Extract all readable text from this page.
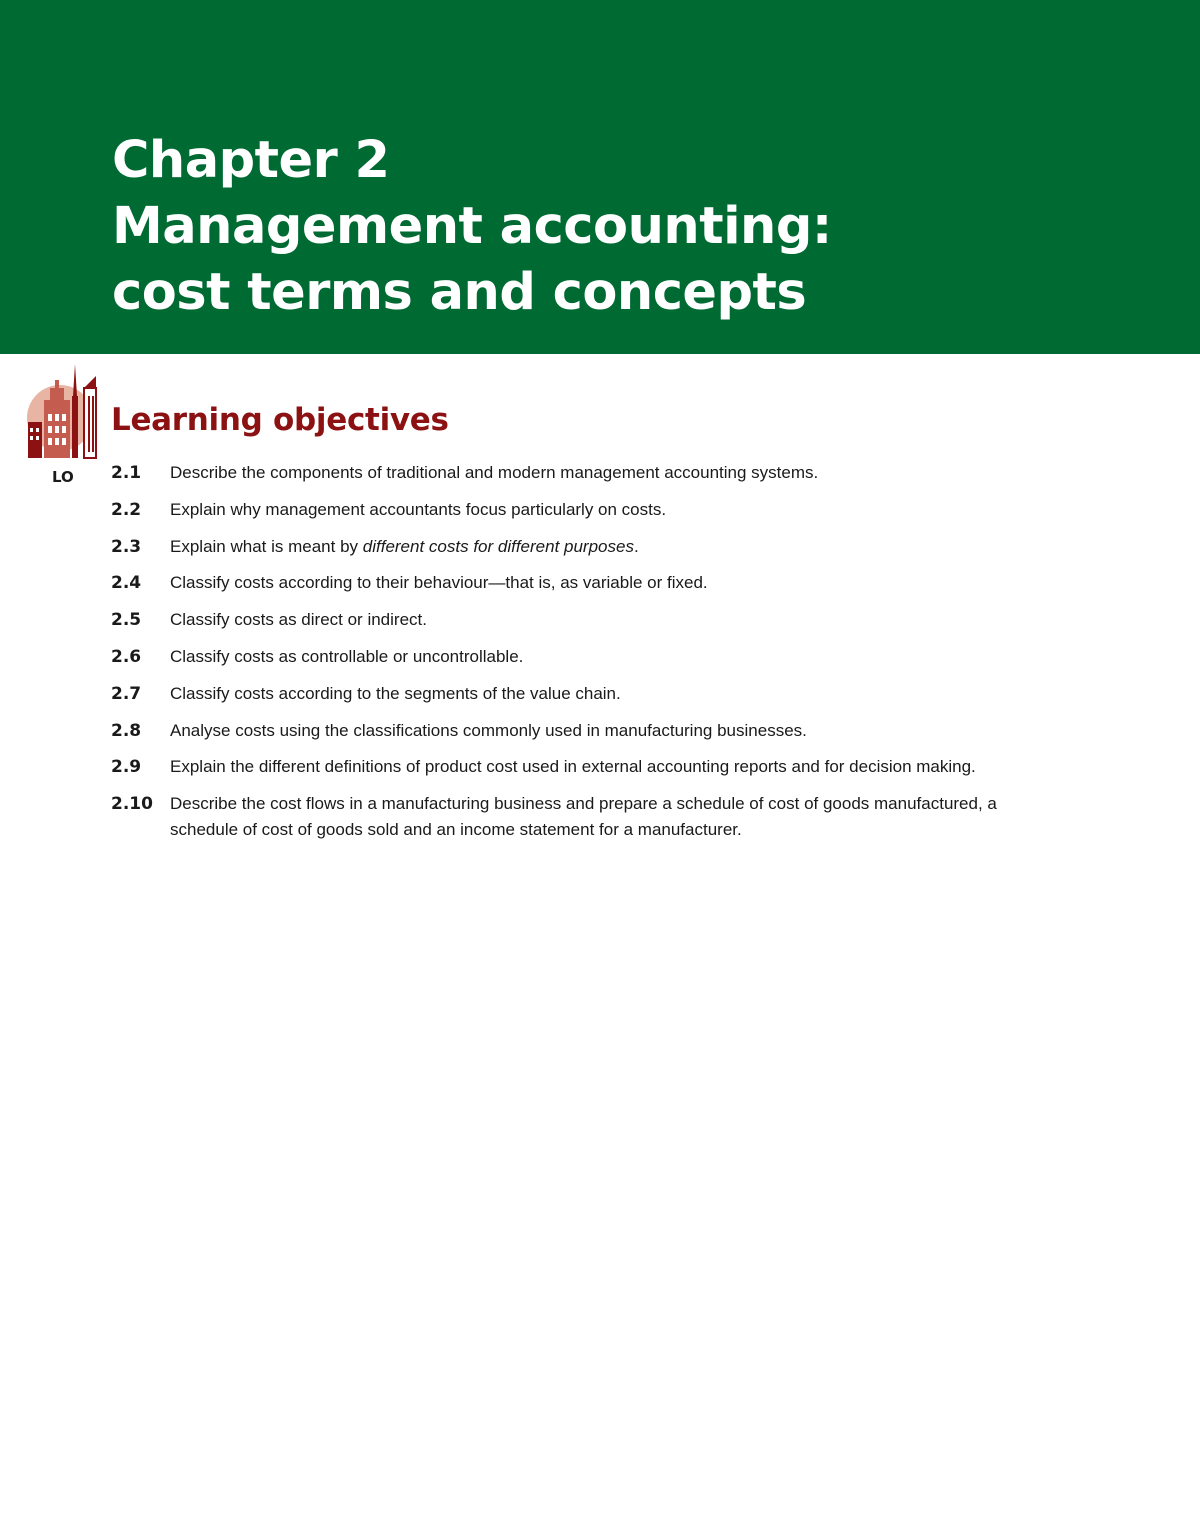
Chapter 2
Management accounting:
cost terms and concepts
LO
Learning objectives
2.1	Describe the components of traditional and modern management accounting systems.
2.2	Explain why management accountants focus particularly on costs.
2.3	Explain what is meant by different costs for different purposes.
2.4	Classify costs according to their behaviour—that is, as variable or fixed.
2.5	Classify costs as direct or indirect.
2.6	Classify costs as controllable or uncontrollable.
2.7	Classify costs according to the segments of the value chain.
2.8	Analyse costs using the classifications commonly used in manufacturing businesses.
2.9	Explain the different definitions of product cost used in external accounting reports and for decision making.
2.10	Describe the cost flows in a manufacturing business and prepare a schedule of cost of goods manufactured, a schedule of cost of goods sold and an income statement for a manufacturer.
